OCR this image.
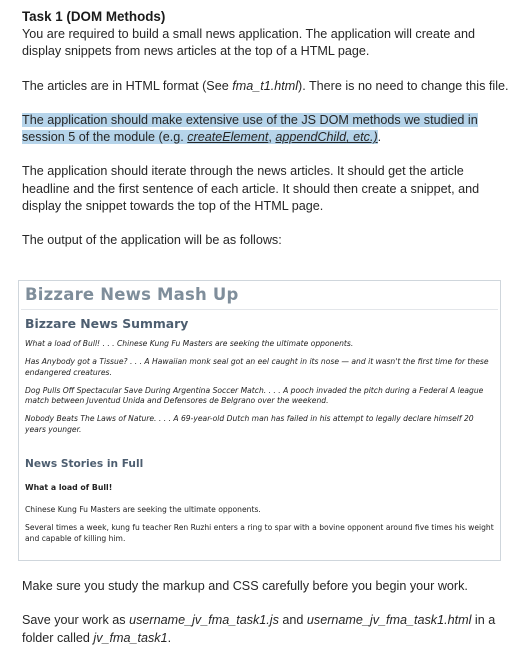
Task 1 (DOM Methods)

You are required to build a small news application. The application will create and display snippets from news articles at the top of a HTML page.

The articles are in HTML format (See fma_t1.html). There is no need to change this file.

The application should make extensive use of the JS DOM methods we studied in session 5 of the module (e.g. createElement, appendChild, etc.).

The application should iterate through the news articles. It should get the article headline and the first sentence of each article. It should then create a snippet, and display the snippet towards the top of the HTML page.

The output of the application will be as follows:

Bizzare News Mash Up
Bizzare News Summary

What a load of Bull! . . . Chinese Kung Fu Masters are seeking the ultimate opponents.

Has Anybody got a Tissue? . . . A Hawaiian monk seal got an eel caught in its nose — and it wasn't the first time for these endangered creatures.

Dog Pulls Off Spectacular Save During Argentina Soccer Match. . . . A pooch invaded the pitch during a Federal A league match between Juventud Unida and Defensores de Belgrano over the weekend.

Nobody Beats The Laws of Nature. . . . A 69-year-old Dutch man has failed in his attempt to legally declare himself 20 years younger.

News Stories in Full
What a load of Bull!
Chinese Kung Fu Masters are seeking the ultimate opponents.
Several times a week, kung fu teacher Ren Ruzhi enters a ring to spar with a bovine opponent around five times his weight and capable of killing him.

Make sure you study the markup and CSS carefully before you begin your work.

Save your work as username_jv_fma_task1.js and username_jv_fma_task1.html in a folder called jv_fma_task1.
